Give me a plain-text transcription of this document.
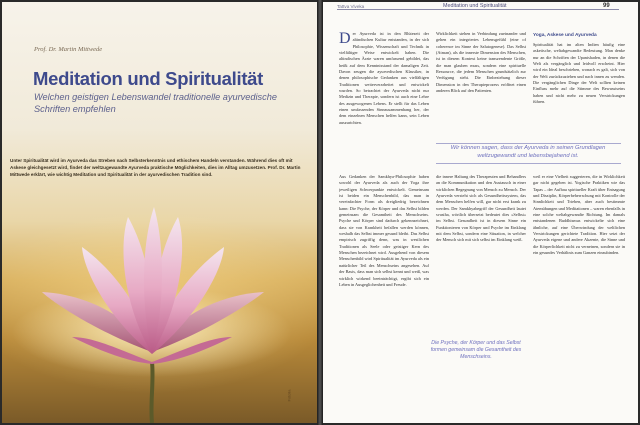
Prof. Dr. Martin Mittwede
Meditation und Spiritualität
Welchen geistigen Lebenswandel traditionelle ayurvedische Schriften empfehlen
Unter Spiritualität wird im Ayurveda das Streben nach Selbsterkenntnis und ethischem Handeln verstanden. Während dies oft mit Askese gleichgesetzt wird, findet der weltzugewandte Ayurveda praktische Möglichkeiten, dies im Alltag umzusetzen. Prof. Dr. Martin Mittwede erklärt, wie wichtig Meditation und Spiritualität in der ayurvedischen Tradition sind.
Fotolia
Tattva Viveka	Meditation und Spiritualität	99
D er Ayurveda ist in den Blütezeit der altindischen Kultur entstanden, in der sich Philosophie, Wissenschaft und Technik in vielfältiger Weise entwickelt haben. Die altindischen Ärzte waren umfassend gebildet, das heißt auf dem Kenntnisstand der damaligen Zeit. Davon zeugen die ayurvedischen Klassiker, in denen philosophische Gedanken aus vielfältigen Traditionen weiterverarbeitet und entwickelt wurden. So betrachtet der Ayurveda nicht nur Medizin und Therapie, sondern ist auch eine Lehre des ausgewogenen Lebens. Er stellt für das Leben einen umfassenden Sinnzusammenhang her, der dem einzelnen Menschen helfen kann, sein Leben auszurichten.

Wirklichkeit stehen in Verbindung zueinander und gehen ein integriertes Lebensgefühl (eine of coherence im Sinne der Salutogenese). Das Selbst (Atman), als die innerste Dimension des Menschen, ist in diesem Kontext keine transzendente Größe, die man glauben muss, sondern eine spirituelle Ressource, die jedem Menschen grundsätzlich zur Verfügung steht. Die Einbeziehung dieser Dimension in den Therapieprozess eröffnet einen anderen Blick auf den Patienten.

Yoga, Askese und Ayurveda

Spiritualität hat im alten Indien häufig eine asketische, weltabgewandte Bedeutung. Man denke nur an die Schriften der Upanishaden, in denen die Welt als vergänglich und leidvoll erscheint. Hier wird ein Ideal beschrieben, wonach es galt, sich von der Welt zurückzuziehen und nach innen zu wenden. Die vergänglichen Dinge der Welt sollten keinen Einfluss mehr auf die Stimme des Bewusstseins haben und nicht mehr zu neuen Verstrickungen führen.

Wir können sagen, dass der Ayurveda in seinen Grundlagen weltzugewandt und lebensbejahend ist.

Aus Gedanken der Samkhya-Philosophie haben sowohl der Ayurveda als auch der Yoga ihre jeweiligen Schwerpunkte entwickelt. Gemeinsam ist beiden ein Menschenbild, das man in vereinfachter Form als dreigliedrig bezeichnen kann: Die Psyche, der Körper und das Selbst bilden gemeinsam die Gesamtheit des Menschseins. Psyche und Körper sind dadurch gekennzeichnet, dass sie von Krankheit befallen werden können, weshalb das Selbst immer gesund bleibt. Das Selbst empirisch zugriffig denn, was in westlichen Traditionen als Seele oder geistiger Kern des Menschen bezeichnet wird. Ausgehend von diesem Menschenbild wird Spiritualität im Ayurveda als ein natürlicher Teil des Menschseins angesehen. Auf der Basis, dass man sich selbst kennt und weiß, was wirklich wirkend beeinträchtigt, ergibt sich ein Leben in Ausgeglichenheit und Freude.

die innere Haltung des Therapeuten und Behandlers an die Kommunikation und den Austausch in einer wirklichen Begegnung von Mensch zu Mensch. Der Ayurveda versteht sich als Gesundheitssystem, das dem Menschen helfen will, gar nicht erst krank zu werden. Der Samkhyabegriff der Gesundheit lautet svastha, wörtlich übersetzt bedeutet dies »Selbst« im Selbst. Gesundheit ist in diesem Sinne ein Funktionieren von Körper und Psyche im Einklang mit dem Selbst, sondern eine Situation, in welcher der Mensch sich mit sich selbst im Einklang weiß.

weil er eine Vielheit suggerieren, die in Wirklichkeit gar nicht gegeben ist. Yogische Praktiken wie das Tapas – der Aufbau spiritueller Kraft über Entsagung und Disziplin, Körperbeherrschung mit Kontrolle der Sinnlichkeit und Trieben, aber auch bestimmte Atemübungen und Meditationen – waren ebenfalls in eine solche weltabgewandte Richtung. Im damals entstandenen Buddhismus entwickelte sich eine ähnliche, auf eine Überwindung der weltlichen Verstrickungen gerichtete Tradition. Hier setzt der Ayurveda eigene und andere Akzente, die Sinne und die Körperlichkeit nicht zu verneinen, sondern sie in ein gesundes Verhältnis zum Ganzen einzubinden.

Die Psyche, der Körper und das Selbst formen gemeinsam die Gesamtheit des Menschseins.
